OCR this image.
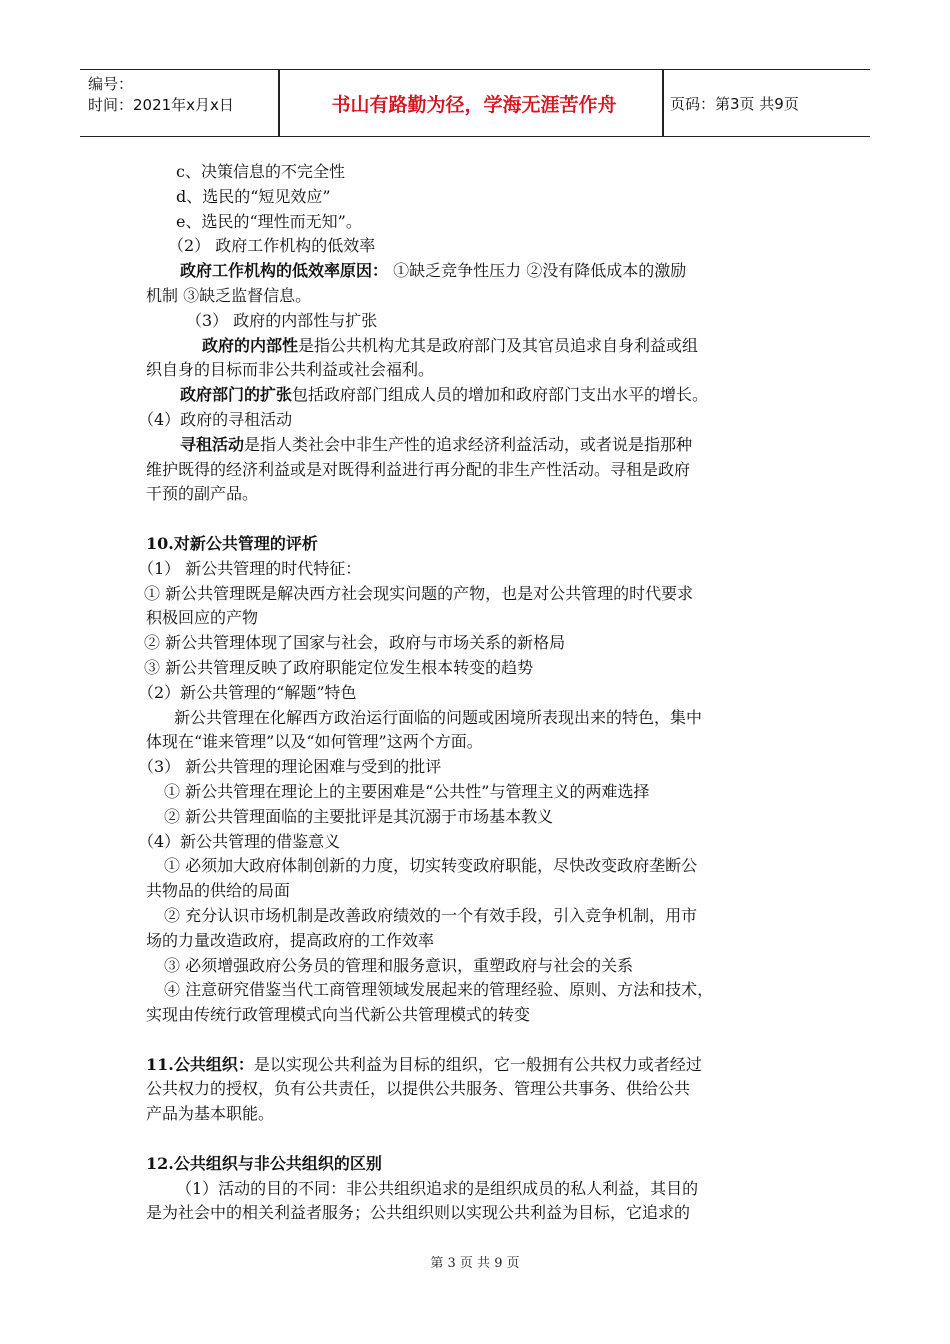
编号：
时间：2021年x月x日	书山有路勤为径，学海无涯苦作舟	页码：第3页 共9页
c、决策信息的不完全性
d、选民的“短见效应”
e、选民的“理性而无知”。
（2） 政府工作机构的低效率
政府工作机构的低效率原因： ①缺乏竞争性压力 ②没有降低成本的激励
机制 ③缺乏监督信息。
（3） 政府的内部性与扩张
政府的内部性是指公共机构尤其是政府部门及其官员追求自身利益或组
织自身的目标而非公共利益或社会福利。
政府部门的扩张包括政府部门组成人员的增加和政府部门支出水平的增长。
（4）政府的寻租活动
寻租活动是指人类社会中非生产性的追求经济利益活动，或者说是指那种
维护既得的经济利益或是对既得利益进行再分配的非生产性活动。寻租是政府
干预的副产品。
10.对新公共管理的评析
（1） 新公共管理的时代特征：
① 新公共管理既是解决西方社会现实问题的产物，也是对公共管理的时代要求
积极回应的产物
② 新公共管理体现了国家与社会，政府与市场关系的新格局
③ 新公共管理反映了政府职能定位发生根本转变的趋势
（2）新公共管理的“解题”特色
新公共管理在化解西方政治运行面临的问题或困境所表现出来的特色，集中
体现在“谁来管理”以及“如何管理”这两个方面。
（3） 新公共管理的理论困难与受到的批评
① 新公共管理在理论上的主要困难是“公共性”与管理主义的两难选择
② 新公共管理面临的主要批评是其沉溺于市场基本教义
（4）新公共管理的借鉴意义
① 必须加大政府体制创新的力度，切实转变政府职能，尽快改变政府垄断公
共物品的供给的局面
② 充分认识市场机制是改善政府绩效的一个有效手段，引入竞争机制，用市
场的力量改造政府，提高政府的工作效率
③ 必须增强政府公务员的管理和服务意识，重塑政府与社会的关系
④ 注意研究借鉴当代工商管理领域发展起来的管理经验、原则、方法和技术，
实现由传统行政管理模式向当代新公共管理模式的转变
11.公共组织：是以实现公共利益为目标的组织，它一般拥有公共权力或者经过
公共权力的授权，负有公共责任，以提供公共服务、管理公共事务、供给公共
产品为基本职能。
12.公共组织与非公共组织的区别
（1）活动的目的不同：非公共组织追求的是组织成员的私人利益，其目的
是为社会中的相关利益者服务；公共组织则以实现公共利益为目标，它追求的
第 3 页 共 9 页
